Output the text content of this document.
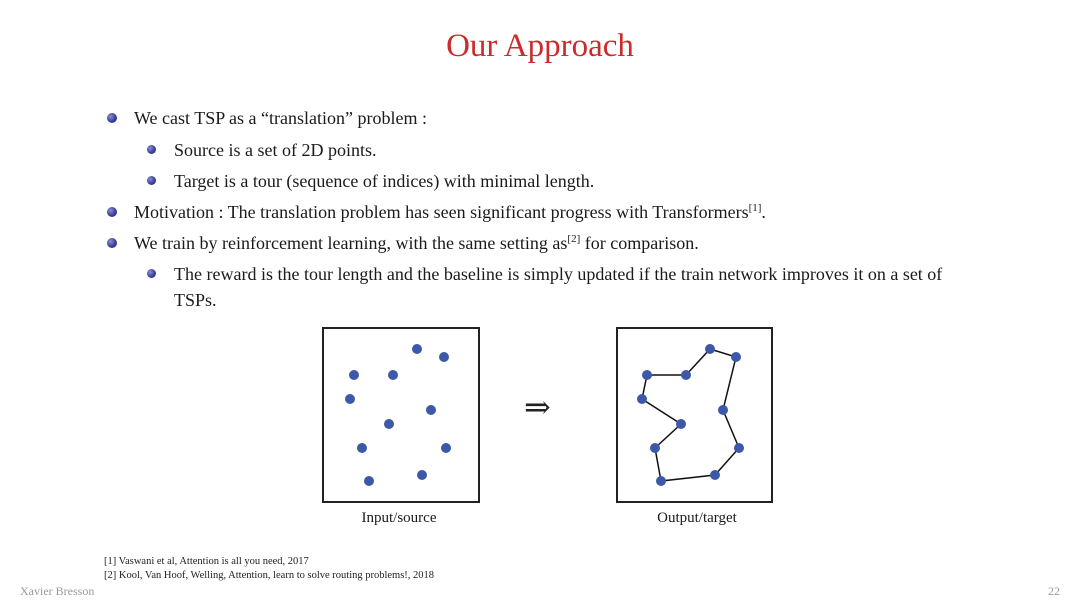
Our Approach
We cast TSP as a “translation” problem :
Source is a set of 2D points.
Target is a tour (sequence of indices) with minimal length.
Motivation : The translation problem has seen significant progress with Transformers[1].
We train by reinforcement learning, with the same setting as[2] for comparison.
The reward is the tour length and the baseline is simply updated if the train network improves it on a set of TSPs.
⇒
Input/source	Output/target
[1] Vaswani et al, Attention is all you need, 2017
[2] Kool, Van Hoof, Welling, Attention, learn to solve routing problems!, 2018
Xavier Bresson	22
